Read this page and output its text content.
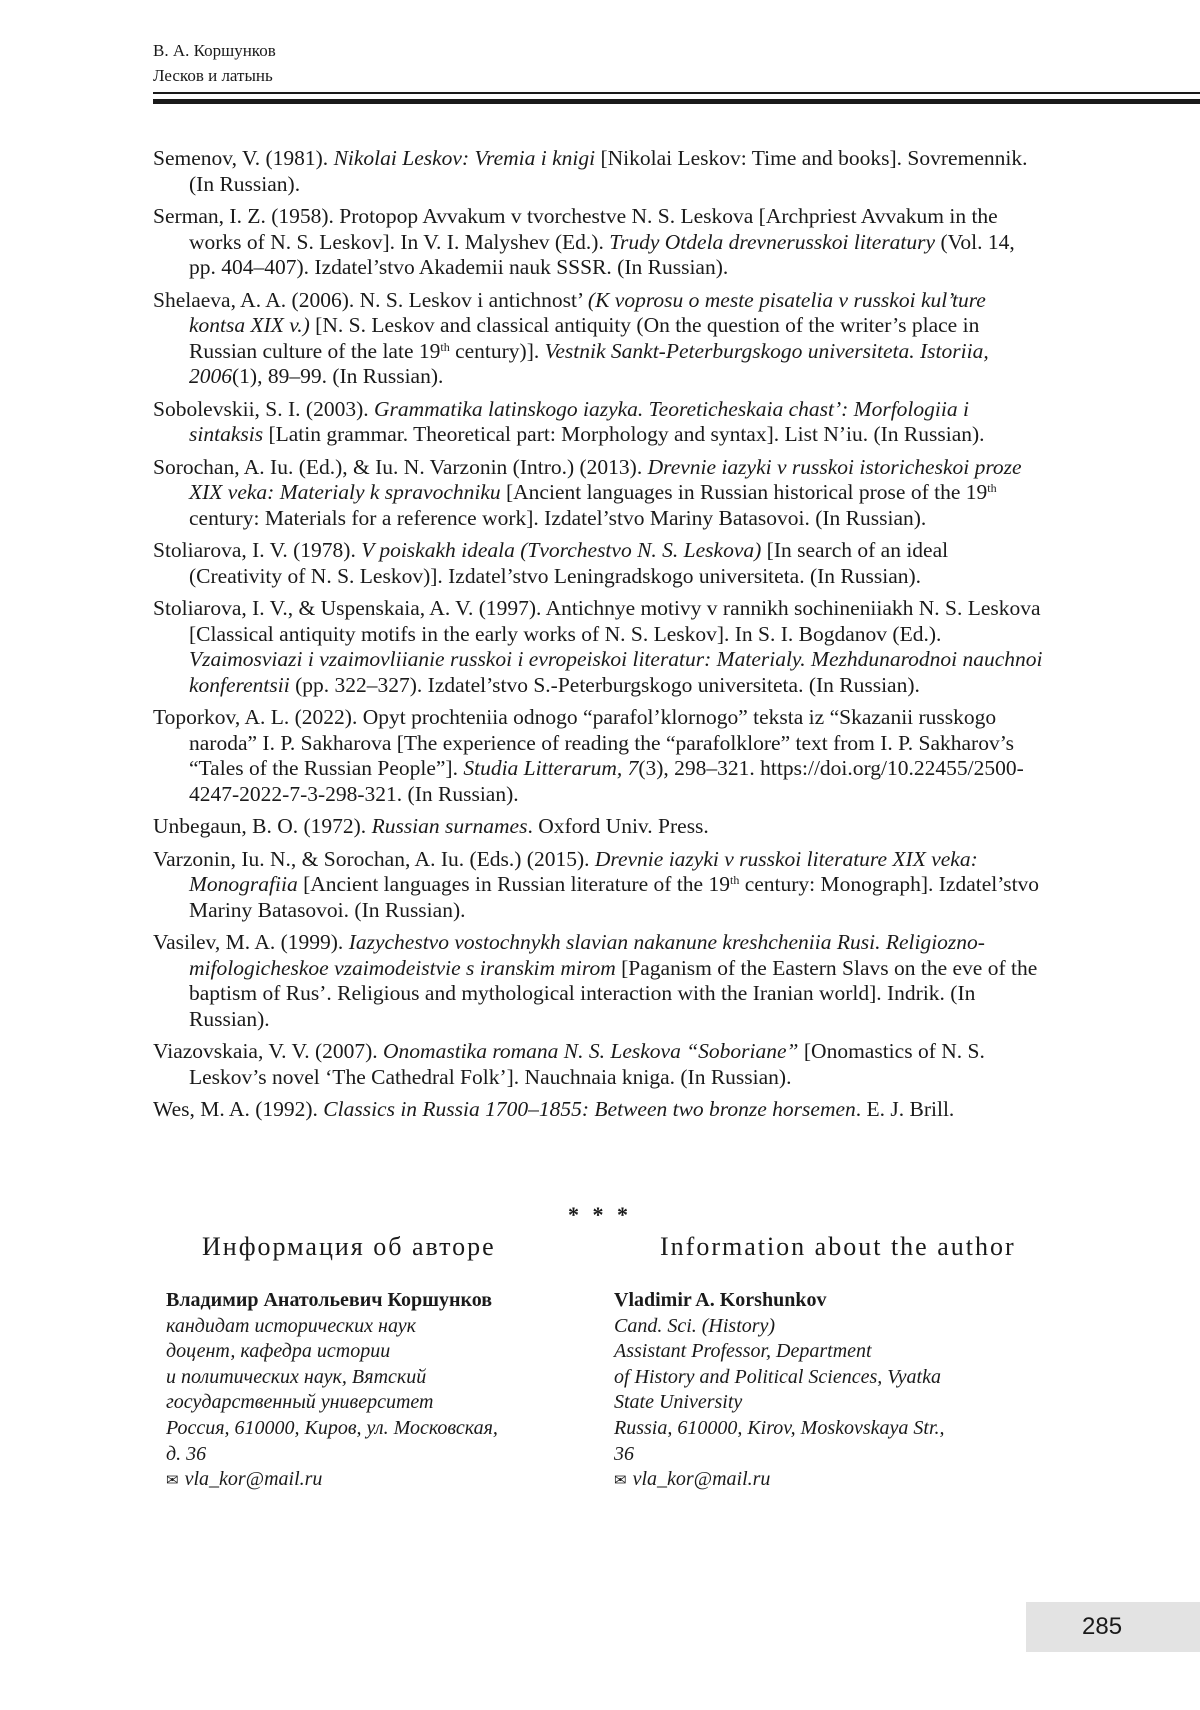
В. А. Коршунков
Лесков и латынь
Semenov, V. (1981). Nikolai Leskov: Vremia i knigi [Nikolai Leskov: Time and books]. Sovremennik. (In Russian).
Serman, I. Z. (1958). Protopop Avvakum v tvorchestve N. S. Leskova [Archpriest Avvakum in the works of N. S. Leskov]. In V. I. Malyshev (Ed.). Trudy Otdela drevnerusskoi literatury (Vol. 14, pp. 404–407). Izdatel’stvo Akademii nauk SSSR. (In Russian).
Shelaeva, A. A. (2006). N. S. Leskov i antichnost’ (K voprosu o meste pisatelia v russkoi kul’ture kontsa XIX v.) [N. S. Leskov and classical antiquity (On the question of the writer’s place in Russian culture of the late 19th century)]. Vestnik Sankt-Peterburgskogo universiteta. Istoriia, 2006(1), 89–99. (In Russian).
Sobolevskii, S. I. (2003). Grammatika latinskogo iazyka. Teoreticheskaia chast’: Morfologiia i sintaksis [Latin grammar. Theoretical part: Morphology and syntax]. List N’iu. (In Russian).
Sorochan, A. Iu. (Ed.), & Iu. N. Varzonin (Intro.) (2013). Drevnie iazyki v russkoi istoricheskoi proze XIX veka: Materialy k spravochniku [Ancient languages in Russian historical prose of the 19th century: Materials for a reference work]. Izdatel’stvo Mariny Batasovoi. (In Russian).
Stoliarova, I. V. (1978). V poiskakh ideala (Tvorchestvo N. S. Leskova) [In search of an ideal (Creativity of N. S. Leskov)]. Izdatel’stvo Leningradskogo universiteta. (In Russian).
Stoliarova, I. V., & Uspenskaia, A. V. (1997). Antichnye motivy v rannikh sochineniiakh N. S. Leskova [Classical antiquity motifs in the early works of N. S. Leskov]. In S. I. Bogdanov (Ed.). Vzaimosviazi i vzaimovliianie russkoi i evropeiskoi literatur: Materialy. Mezhdunarodnoi nauchnoi konferentsii (pp. 322–327). Izdatel’stvo S.-Peterburgskogo universiteta. (In Russian).
Toporkov, A. L. (2022). Opyt prochteniia odnogo “parafol’klornogo” teksta iz “Skazanii russkogo naroda” I. P. Sakharova [The experience of reading the “parafolklore” text from I. P. Sakharov’s “Tales of the Russian People”]. Studia Litterarum, 7(3), 298–321. https://doi.org/10.22455/2500-4247-2022-7-3-298-321. (In Russian).
Unbegaun, B. O. (1972). Russian surnames. Oxford Univ. Press.
Varzonin, Iu. N., & Sorochan, A. Iu. (Eds.) (2015). Drevnie iazyki v russkoi literature XIX veka: Monografiia [Ancient languages in Russian literature of the 19th century: Monograph]. Izdatel’stvo Mariny Batasovoi. (In Russian).
Vasilev, M. A. (1999). Iazychestvo vostochnykh slavian nakanune kreshcheniia Rusi. Religiozno-mifologicheskoe vzaimodeistvie s iranskim mirom [Paganism of the Eastern Slavs on the eve of the baptism of Rus’. Religious and mythological interaction with the Iranian world]. Indrik. (In Russian).
Viazovskaia, V. V. (2007). Onomastika romana N. S. Leskova “Soboriane” [Onomastics of N. S. Leskov’s novel ‘The Cathedral Folk’]. Nauchnaia kniga. (In Russian).
Wes, M. A. (1992). Classics in Russia 1700–1855: Between two bronze horsemen. E. J. Brill.
* * *
Информация об авторе	Information about the author
Владимир Анатольевич Коршунков
кандидат исторических наук
доцент, кафедра истории
и политических наук, Вятский
государственный университет
Россия, 610000, Киров, ул. Московская,
д. 36
✉ vla_kor@mail.ru
Vladimir A. Korshunkov
Cand. Sci. (History)
Assistant Professor, Department
of History and Political Sciences, Vyatka
State University
Russia, 610000, Kirov, Moskovskaya Str.,
36
✉ vla_kor@mail.ru
285
